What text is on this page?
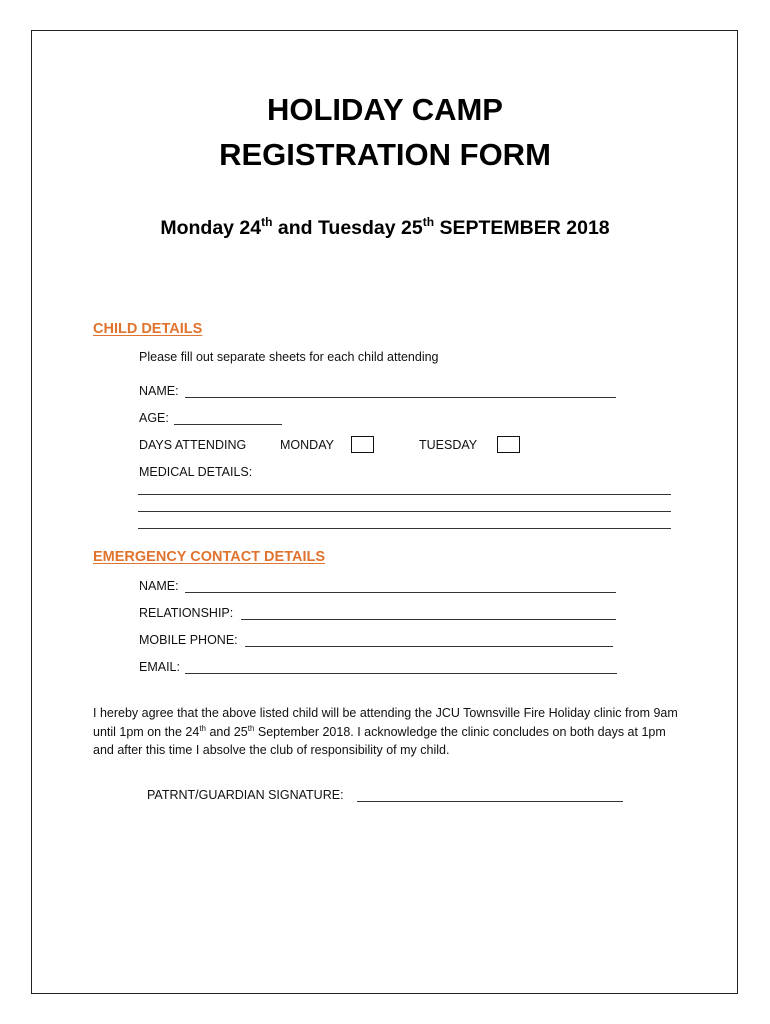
HOLIDAY CAMP
REGISTRATION FORM
Monday 24th and Tuesday 25th SEPTEMBER 2018
CHILD DETAILS
Please fill out separate sheets for each child attending
NAME:
AGE:
DAYS ATTENDING	MONDAY	TUESDAY
MEDICAL DETAILS:
EMERGENCY CONTACT DETAILS
NAME:
RELATIONSHIP:
MOBILE PHONE:
EMAIL:
I hereby agree that the above listed child will be attending the JCU Townsville Fire Holiday clinic from 9am until 1pm on the 24th and 25th September 2018. I acknowledge the clinic concludes on both days at 1pm and after this time I absolve the club of responsibility of my child.
PATRNT/GUARDIAN SIGNATURE:
